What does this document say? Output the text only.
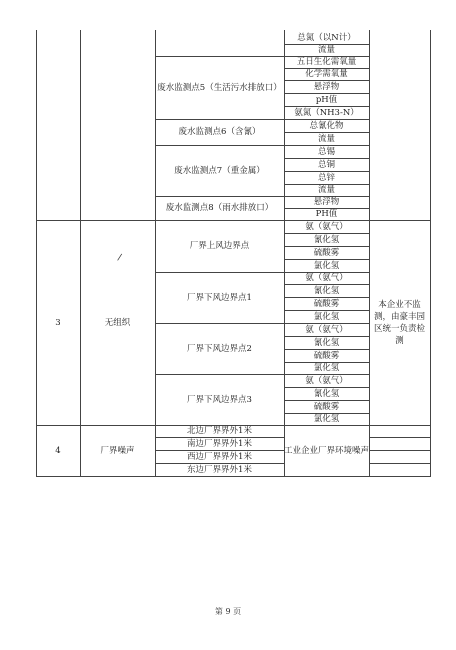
总氮（以N计）
流量
五日生化需氧量
化学需氧量
悬浮物
pH值
氨氮（NH3-N）
总氰化物
流量
总锡
总铜
总锌
流量
悬浮物
PH值
废水监测点5（生活污水排放口）
废水监测点6（含氰）
废水监测点7（重金属）
废水监测点8（雨水排放口）
氨（氨气）
氰化氢
硫酸雾
氯化氢
氨（氨气）
氰化氢
硫酸雾
氯化氢
氨（氨气）
氰化氢
硫酸雾
氯化氢
氨（氨气）
氰化氢
硫酸雾
氯化氢
厂界上风边界点
厂界下风边界点1
厂界下风边界点2
厂界下风边界点3
3	无组织
本企业不监测，由豪丰园区统一负责检测
4	厂界噪声
北边厂界界外1米
南边厂界界外1米
西边厂界界外1米
东边厂界界外1米
工业企业厂界环境噪声
/
第 9 页
